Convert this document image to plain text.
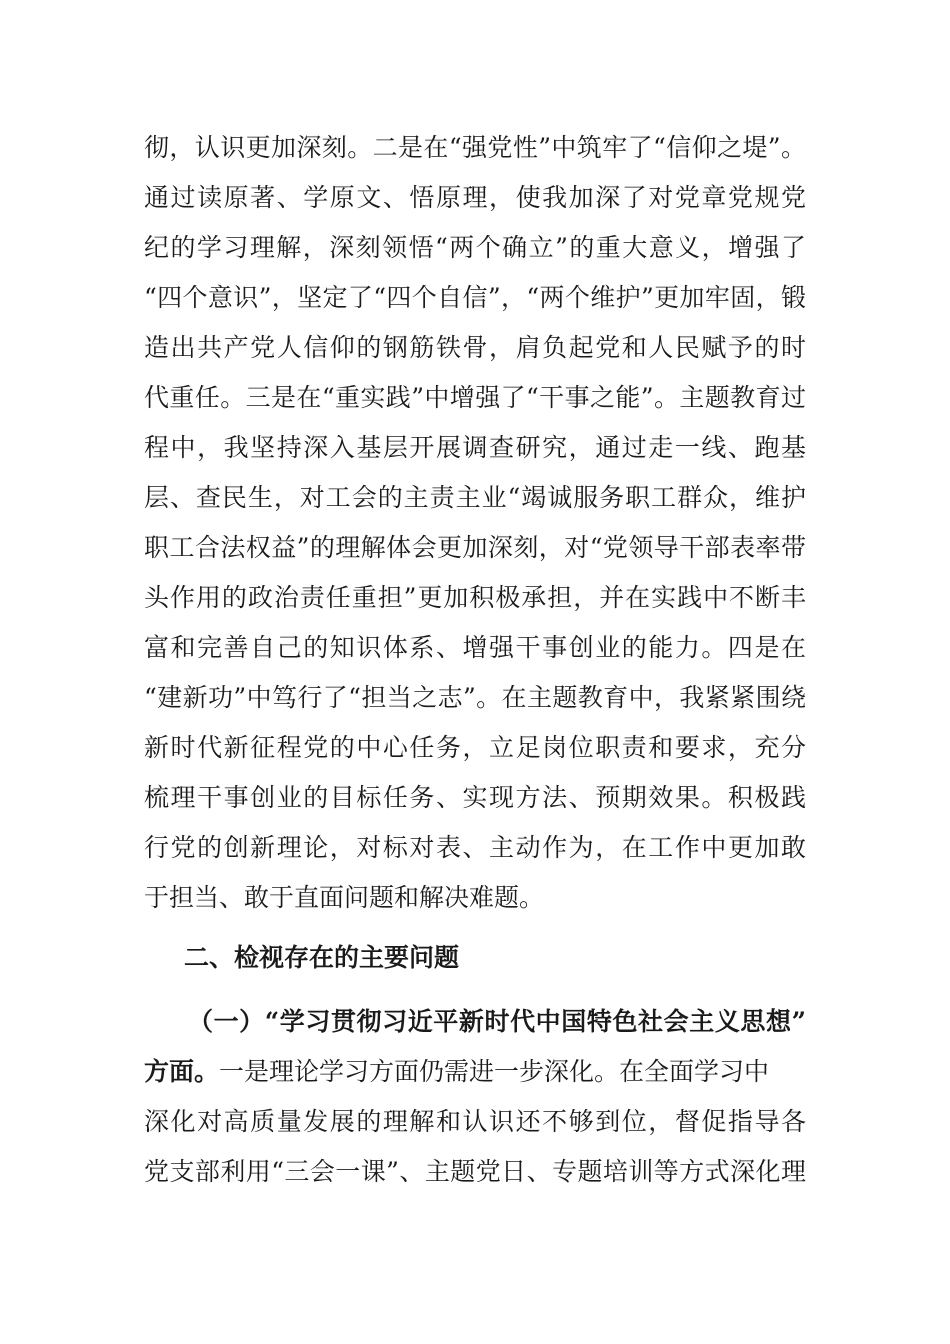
彻，认识更加深刻。二是在“强党性”中筑牢了“信仰之堤”。
通过读原著、学原文、悟原理，使我加深了对党章党规党
纪的学习理解，深刻领悟“两个确立”的重大意义，增强了
“四个意识”，坚定了“四个自信”，“两个维护”更加牢固，锻
造出共产党人信仰的钢筋铁骨，肩负起党和人民赋予的时
代重任。三是在“重实践”中增强了“干事之能”。主题教育过
程中，我坚持深入基层开展调查研究，通过走一线、跑基
层、查民生，对工会的主责主业“竭诚服务职工群众，维护
职工合法权益”的理解体会更加深刻，对“党领导干部表率带
头作用的政治责任重担”更加积极承担，并在实践中不断丰
富和完善自己的知识体系、增强干事创业的能力。四是在
“建新功”中笃行了“担当之志”。在主题教育中，我紧紧围绕
新时代新征程党的中心任务，立足岗位职责和要求，充分
梳理干事创业的目标任务、实现方法、预期效果。积极践
行党的创新理论，对标对表、主动作为，在工作中更加敢
于担当、敢于直面问题和解决难题。
二、检视存在的主要问题
（一）“学习贯彻习近平新时代中国特色社会主义思想”
方面。一是理论学习方面仍需进一步深化。在全面学习中
深化对高质量发展的理解和认识还不够到位，督促指导各
党支部利用“三会一课”、主题党日、专题培训等方式深化理
